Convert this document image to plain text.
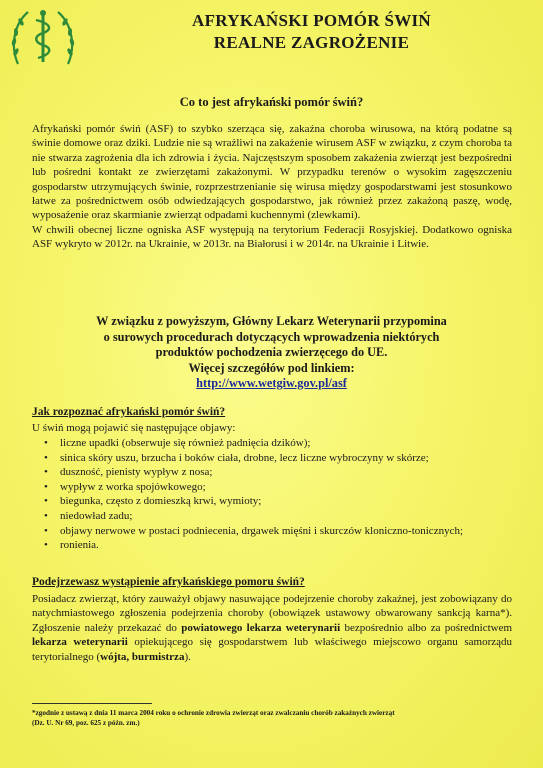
AFRYKAŃSKI POMÓR ŚWIŃ
REALNE ZAGROŻENIE
Co to jest afrykański pomór świń?

Afrykański pomór świń (ASF) to szybko szerząca się, zakaźna choroba wirusowa, na którą podatne są świnie domowe oraz dziki. Ludzie nie są wrażliwi na zakażenie wirusem ASF w związku, z czym choroba ta nie stwarza zagrożenia dla ich zdrowia i życia. Najczęstszym sposobem zakażenia zwierząt jest bezpośredni lub pośredni kontakt ze zwierzętami zakażonymi. W przypadku terenów o wysokim zagęszczeniu gospodarstw utrzymujących świnie, rozprzestrzenianie się wirusa między gospodarstwami jest stosunkowo łatwe za pośrednictwem osób odwiedzających gospodarstwo, jak również przez zakażoną paszę, wodę, wyposażenie oraz skarmianie zwierząt odpadami kuchennymi (zlewkami).

W chwili obecnej liczne ogniska ASF występują na terytorium Federacji Rosyjskiej. Dodatkowo ogniska ASF wykryto w 2012r. na Ukrainie, w 2013r. na Białorusi i w 2014r. na Ukrainie i Litwie.

W związku z powyższym, Główny Lekarz Weterynarii przypomina
o surowych procedurach dotyczących wprowadzenia niektórych
produktów pochodzenia zwierzęcego do UE.
Więcej szczegółów pod linkiem:
http://www.wetgiw.gov.pl/asf
Jak rozpoznać afrykański pomór świń?
U świń mogą pojawić się następujące objawy:
• liczne upadki (obserwuje się również padnięcia dzików);
• sinica skóry uszu, brzucha i boków ciała, drobne, lecz liczne wybroczyny w skórze;
• duszność, pienisty wypływ z nosa;
• wypływ z worka spojówkowego;
• biegunka, często z domieszką krwi, wymioty;
• niedowład zadu;
• objawy nerwowe w postaci podniecenia, drgawek mięśni i skurczów kloniczno-tonicznych;
• ronienia.
Podejrzewasz wystąpienie afrykańskiego pomoru świń?
Posiadacz zwierząt, który zauważył objawy nasuwające podejrzenie choroby zakaźnej, jest zobowiązany do natychmiastowego zgłoszenia podejrzenia choroby (obowiązek ustawowy obwarowany sankcją karna*). Zgłoszenie należy przekazać do powiatowego lekarza weterynarii bezpośrednio albo za pośrednictwem lekarza weterynarii opiekującego się gospodarstwem lub właściwego miejscowo organu samorządu terytorialnego (wójta, burmistrza).
*zgodnie z ustawą z dnia 11 marca 2004 roku o ochronie zdrowia zwierząt oraz zwalczaniu chorób zakaźnych zwierząt
(Dz. U. Nr 69, poz. 625 z późn. zm.)
